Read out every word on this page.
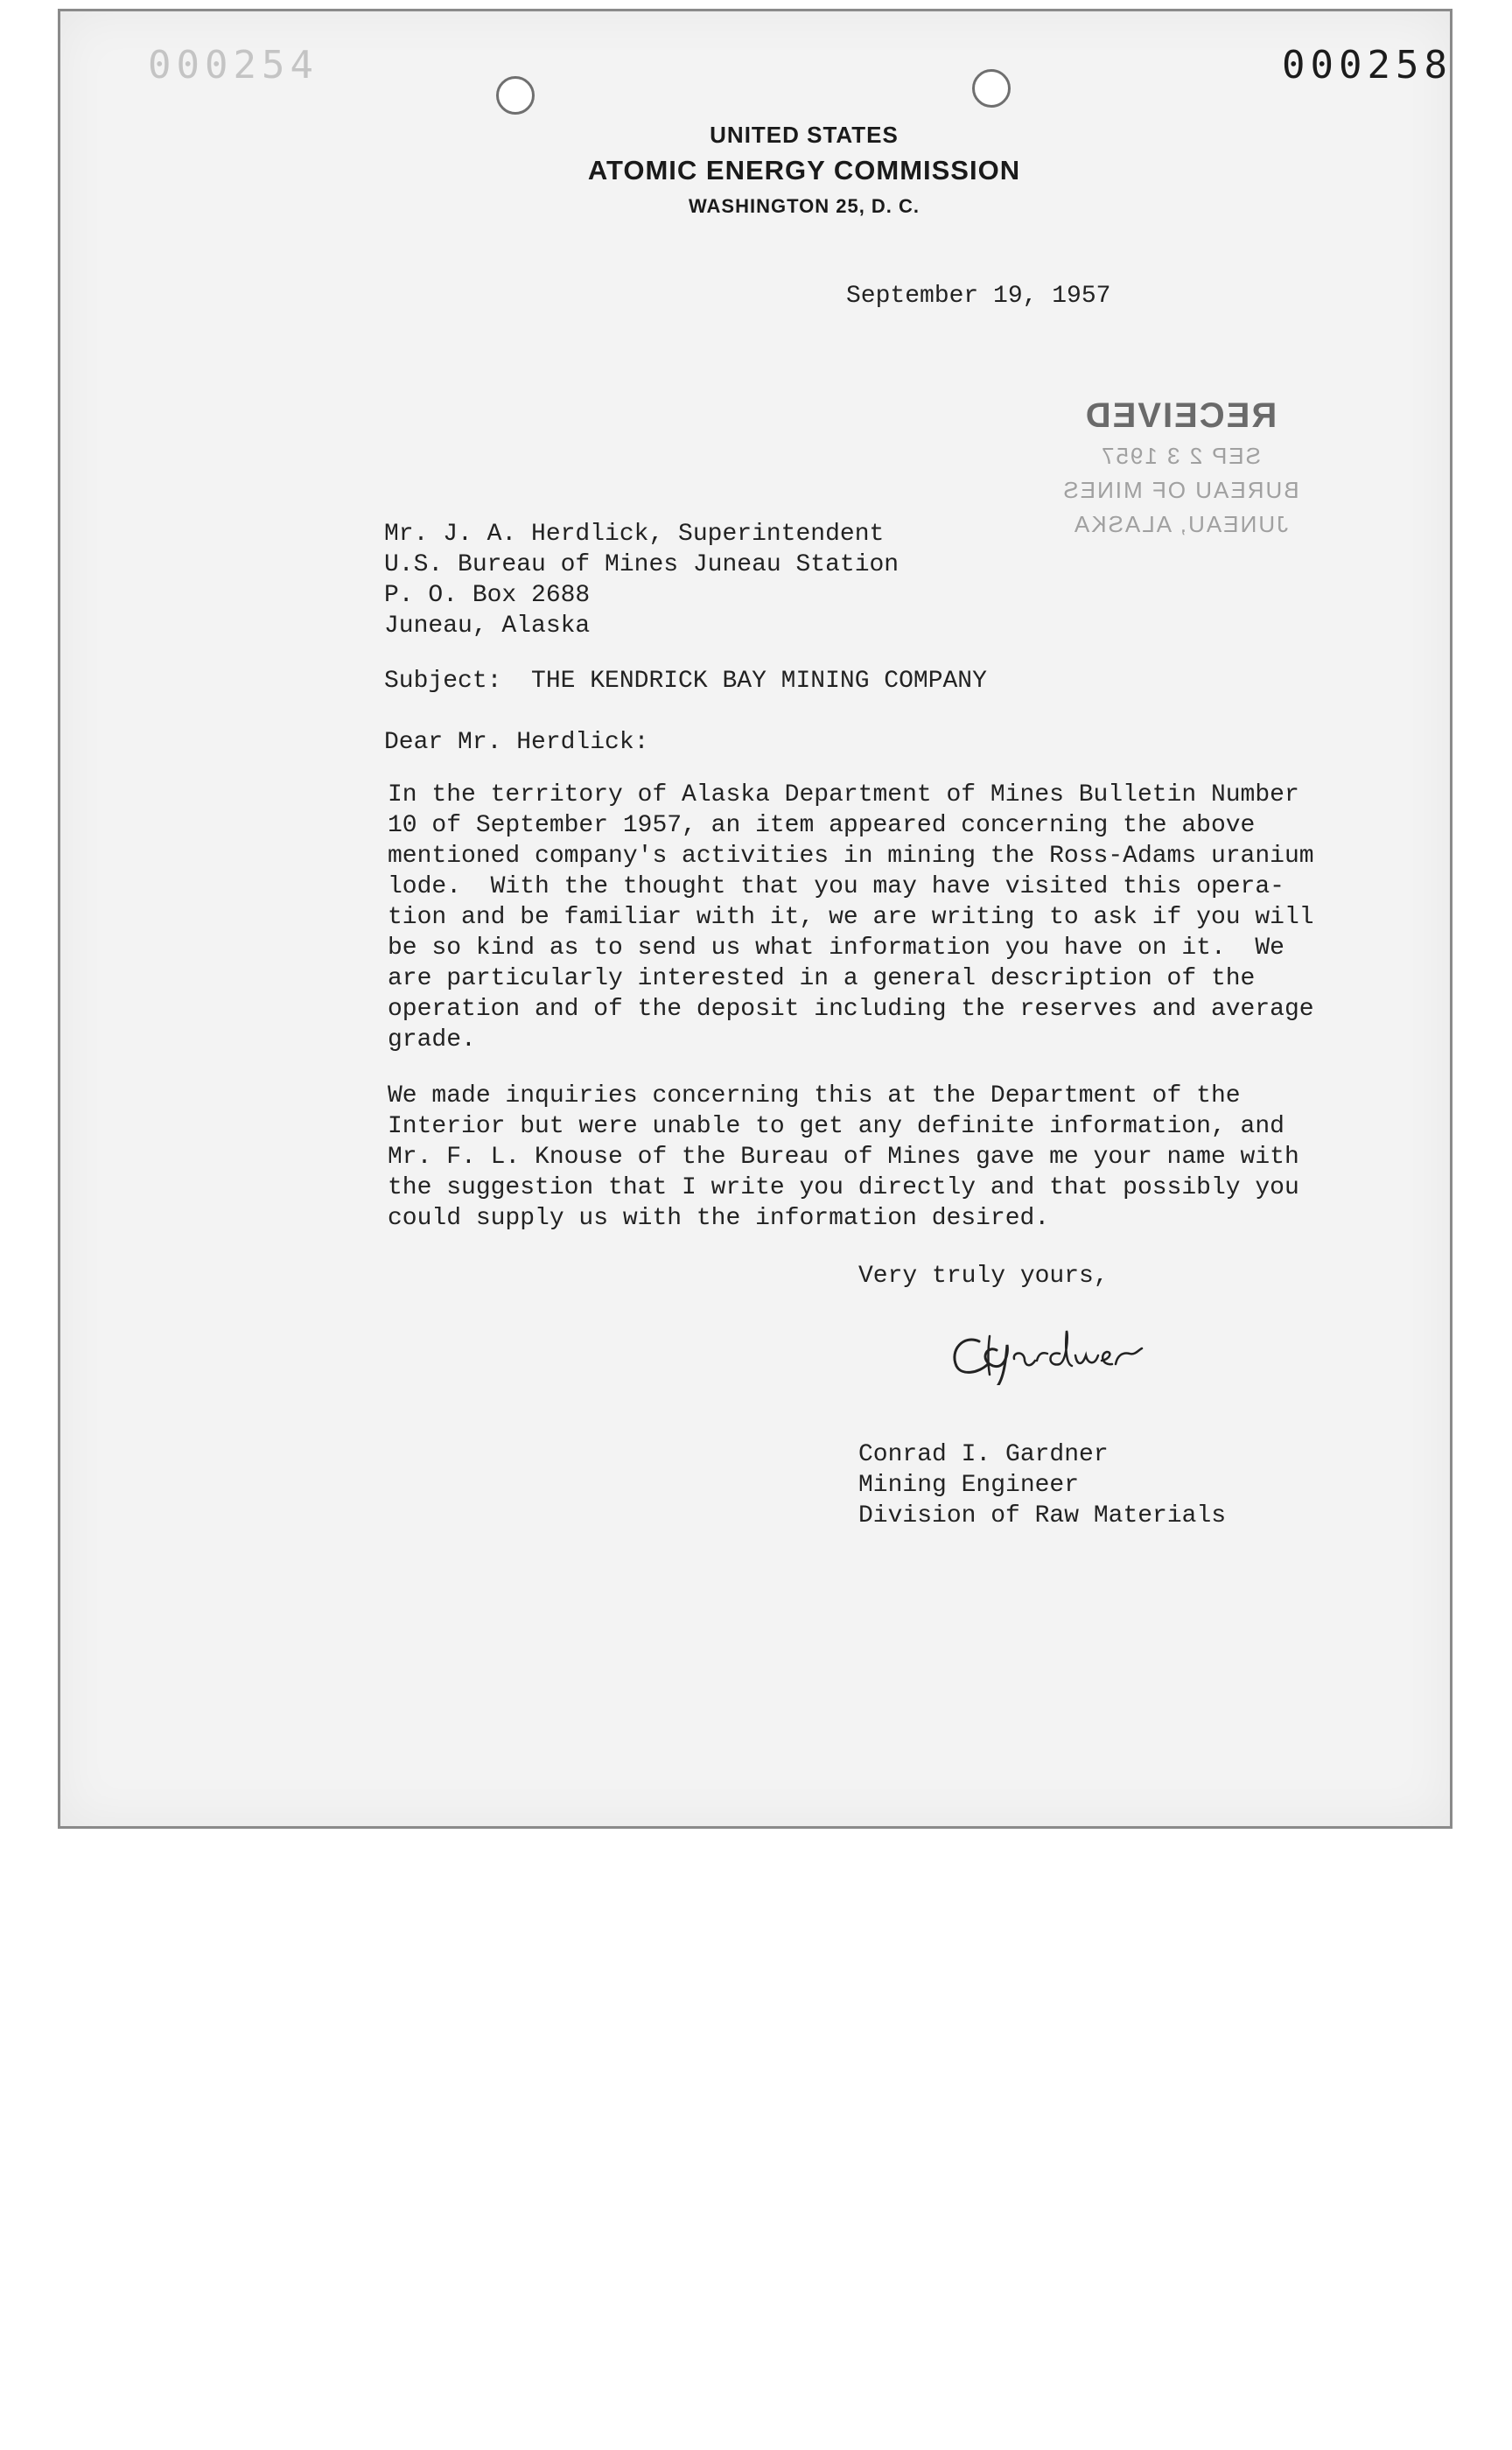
000254	000258
UNITED STATES
ATOMIC ENERGY COMMISSION
WASHINGTON 25, D. C.
September 19, 1957
RECEIVED
SEP 2 3 1957
BUREAU OF MINES
JUNEAU, ALASKA
Mr. J. A. Herdlick, Superintendent
U.S. Bureau of Mines Juneau Station
P. O. Box 2688
Juneau, Alaska
Subject:  THE KENDRICK BAY MINING COMPANY
Dear Mr. Herdlick:
In the territory of Alaska Department of Mines Bulletin Number
10 of September 1957, an item appeared concerning the above
mentioned company's activities in mining the Ross-Adams uranium
lode.  With the thought that you may have visited this opera-
tion and be familiar with it, we are writing to ask if you will
be so kind as to send us what information you have on it.  We
are particularly interested in a general description of the
operation and of the deposit including the reserves and average
grade.
We made inquiries concerning this at the Department of the
Interior but were unable to get any definite information, and
Mr. F. L. Knouse of the Bureau of Mines gave me your name with
the suggestion that I write you directly and that possibly you
could supply us with the information desired.
Very truly yours,
Conrad I. Gardner
Mining Engineer
Division of Raw Materials
